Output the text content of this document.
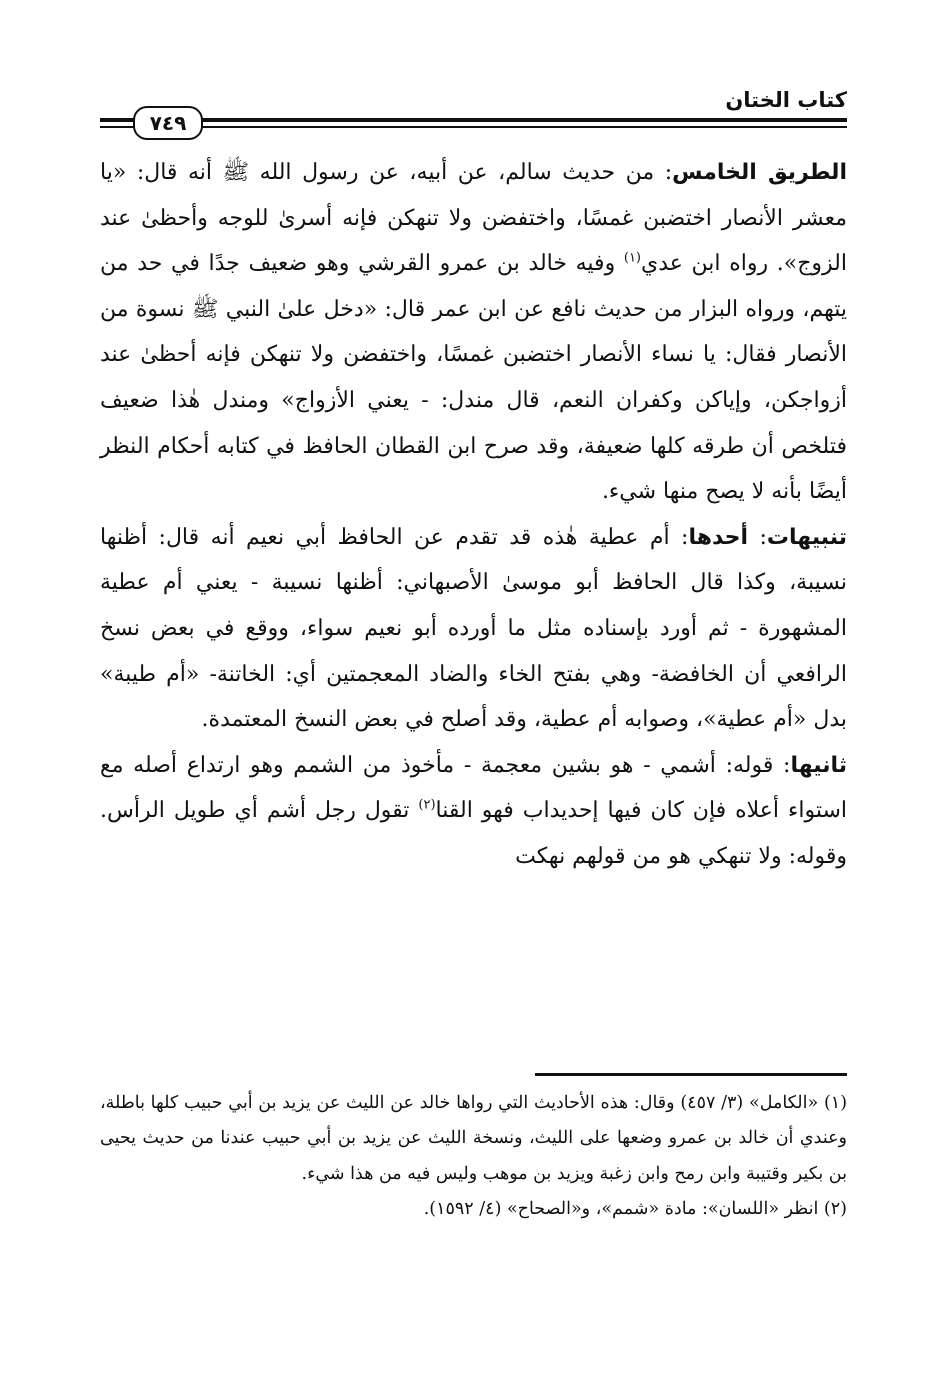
كتاب الختان
٧٤٩

الطريق الخامس: من حديث سالم، عن أبيه، عن رسول الله ﷺ أنه قال: «يا معشر الأنصار اختضبن غمسًا، واختفضن ولا تنهكن فإنه أسرىٰ للوجه وأحظىٰ عند الزوج». رواه ابن عدي$^{(١)}$ وفيه خالد بن عمرو القرشي وهو ضعيف جدًا في حد من يتهم، ورواه البزار من حديث نافع عن ابن عمر قال: «دخل علىٰ النبي ﷺ نسوة من الأنصار فقال: يا نساء الأنصار اختضبن غمسًا، واختفضن ولا تنهكن فإنه أحظىٰ عند أزواجكن، وإياكن وكفران النعم، قال مندل: - يعني الأزواج» ومندل هٰذا ضعيف فتلخص أن طرقه كلها ضعيفة، وقد صرح ابن القطان الحافظ في كتابه أحكام النظر أيضًا بأنه لا يصح منها شيء.

تنبيهات: أحدها: أم عطية هٰذه قد تقدم عن الحافظ أبي نعيم أنه قال: أظنها نسيبة، وكذا قال الحافظ أبو موسىٰ الأصبهاني: أظنها نسيبة - يعني أم عطية المشهورة - ثم أورد بإسناده مثل ما أورده أبو نعيم سواء، ووقع في بعض نسخ الرافعي أن الخافضة- وهي بفتح الخاء والضاد المعجمتين أي: الخاتنة- «أم طيبة» بدل «أم عطية»، وصوابه أم عطية، وقد أصلح في بعض النسخ المعتمدة.

ثانيها: قوله: أشمي - هو بشين معجمة - مأخوذ من الشمم وهو ارتداع أصله مع استواء أعلاه فإن كان فيها إحديداب فهو القنا$^{(٢)}$ تقول رجل أشم أي طويل الرأس. وقوله: ولا تنهكي هو من قولهم نهكت

(١) «الكامل» (٣/ ٤٥٧) وقال: هذه الأحاديث التي رواها خالد عن الليث عن يزيد بن أبي حبيب كلها باطلة، وعندي أن خالد بن عمرو وضعها على الليث، ونسخة الليث عن يزيد بن أبي حبيب عندنا من حديث يحيى بن بكير وقتيبة وابن رمح وابن زغبة ويزيد بن موهب وليس فيه من هذا شيء.

(٢) انظر «اللسان»: مادة «شمم»، و«الصحاح» (٤/ ١٥٩٢).
